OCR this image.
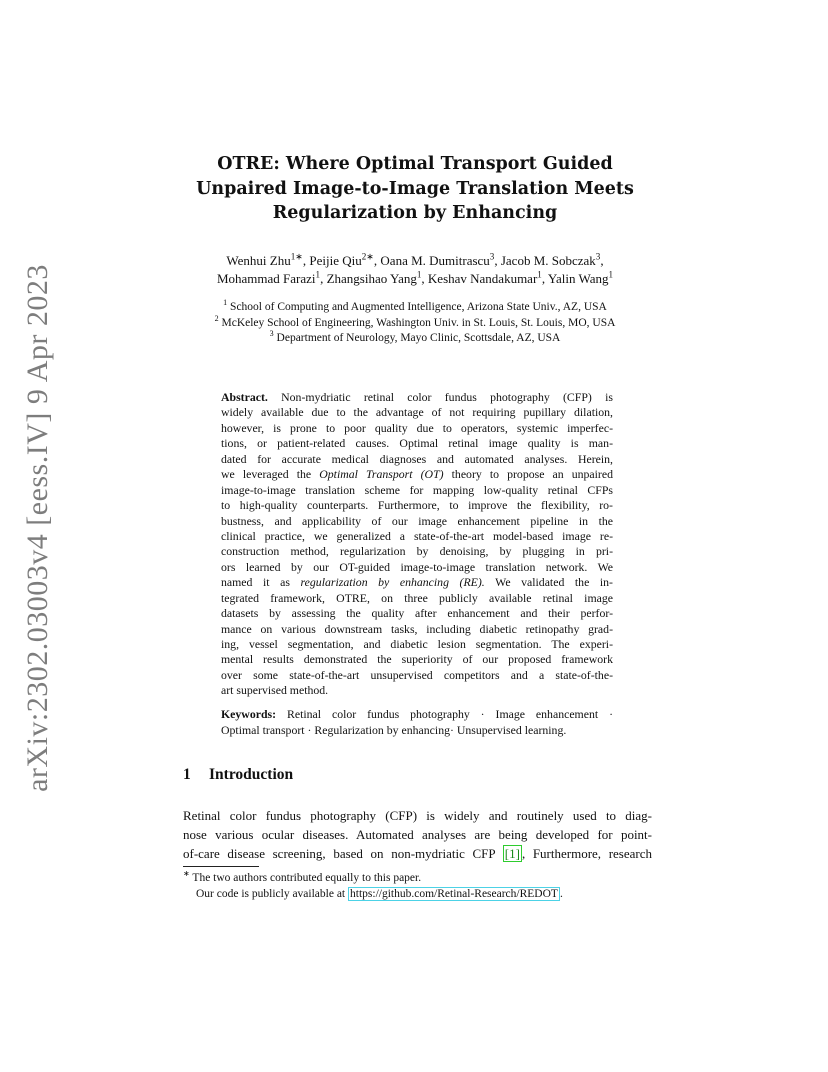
arXiv:2302.03003v4 [eess.IV] 9 Apr 2023
OTRE: Where Optimal Transport Guided
Unpaired Image-to-Image Translation Meets
Regularization by Enhancing
Wenhui Zhu$^{1∗}$, Peijie Qiu$^{2∗}$, Oana M. Dumitrascu$^3$, Jacob M. Sobczak$^3$,
Mohammad Farazi$^1$, Zhangsihao Yang$^1$, Keshav Nandakumar$^1$, Yalin Wang$^1$
$^1$ School of Computing and Augmented Intelligence, Arizona State Univ., AZ, USA
$^2$ McKeley School of Engineering, Washington Univ. in St. Louis, St. Louis, MO, USA
$^3$ Department of Neurology, Mayo Clinic, Scottsdale, AZ, USA
Abstract. Non-mydriatic retinal color fundus photography (CFP) is
widely available due to the advantage of not requiring pupillary dilation,
however, is prone to poor quality due to operators, systemic imperfec-
tions, or patient-related causes. Optimal retinal image quality is man-
dated for accurate medical diagnoses and automated analyses. Herein,
we leveraged the Optimal Transport (OT) theory to propose an unpaired
image-to-image translation scheme for mapping low-quality retinal CFPs
to high-quality counterparts. Furthermore, to improve the flexibility, ro-
bustness, and applicability of our image enhancement pipeline in the
clinical practice, we generalized a state-of-the-art model-based image re-
construction method, regularization by denoising, by plugging in pri-
ors learned by our OT-guided image-to-image translation network. We
named it as regularization by enhancing (RE). We validated the in-
tegrated framework, OTRE, on three publicly available retinal image
datasets by assessing the quality after enhancement and their perfor-
mance on various downstream tasks, including diabetic retinopathy grad-
ing, vessel segmentation, and diabetic lesion segmentation. The experi-
mental results demonstrated the superiority of our proposed framework
over some state-of-the-art unsupervised competitors and a state-of-the-
art supervised method.
Keywords: Retinal color fundus photography · Image enhancement ·
Optimal transport · Regularization by enhancing· Unsupervised learning.
1 Introduction
Retinal color fundus photography (CFP) is widely and routinely used to diag-
nose various ocular diseases. Automated analyses are being developed for point-
of-care disease screening, based on non-mydriatic CFP [1] , Furthermore, research
∗ The two authors contributed equally to this paper.
Our code is publicly available at https://github.com/Retinal-Research/REDOT .
